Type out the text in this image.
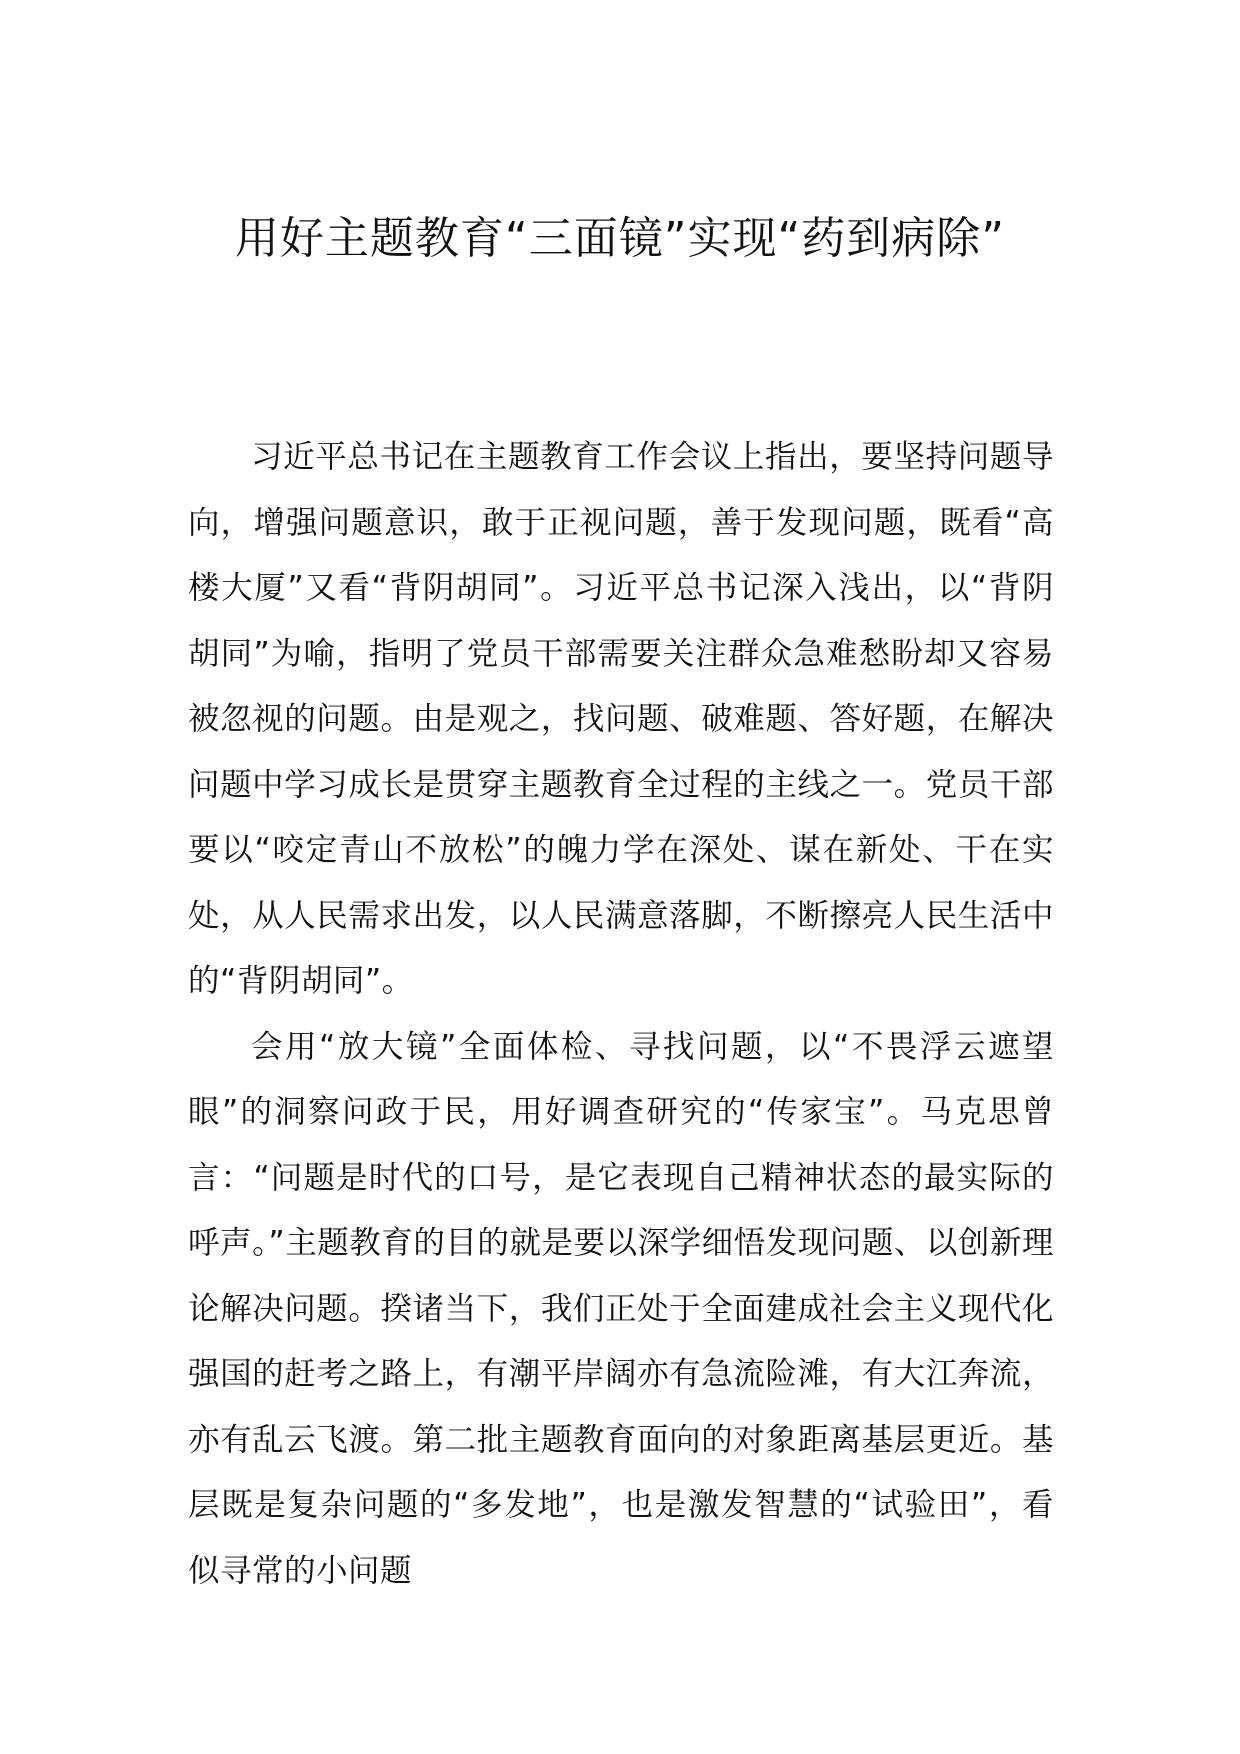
用好主题教育“三面镜”实现“药到病除”

习近平总书记在主题教育工作会议上指出，要坚持问题导向，增强问题意识，敢于正视问题，善于发现问题，既看“高楼大厦”又看“背阴胡同”。习近平总书记深入浅出，以“背阴胡同”为喻，指明了党员干部需要关注群众急难愁盼却又容易被忽视的问题。由是观之，找问题、破难题、答好题，在解决问题中学习成长是贯穿主题教育全过程的主线之一。党员干部要以“咬定青山不放松”的魄力学在深处、谋在新处、干在实处，从人民需求出发，以人民满意落脚，不断擦亮人民生活中的“背阴胡同”。

会用“放大镜”全面体检、寻找问题，以“不畏浮云遮望眼”的洞察问政于民，用好调查研究的“传家宝”。马克思曾言：“问题是时代的口号，是它表现自己精神状态的最实际的呼声。”主题教育的目的就是要以深学细悟发现问题、以创新理论解决问题。揆诸当下，我们正处于全面建成社会主义现代化强国的赶考之路上，有潮平岸阔亦有急流险滩，有大江奔流，亦有乱云飞渡。第二批主题教育面向的对象距离基层更近。基层既是复杂问题的“多发地”，也是激发智慧的“试验田”，看似寻常的小问题
